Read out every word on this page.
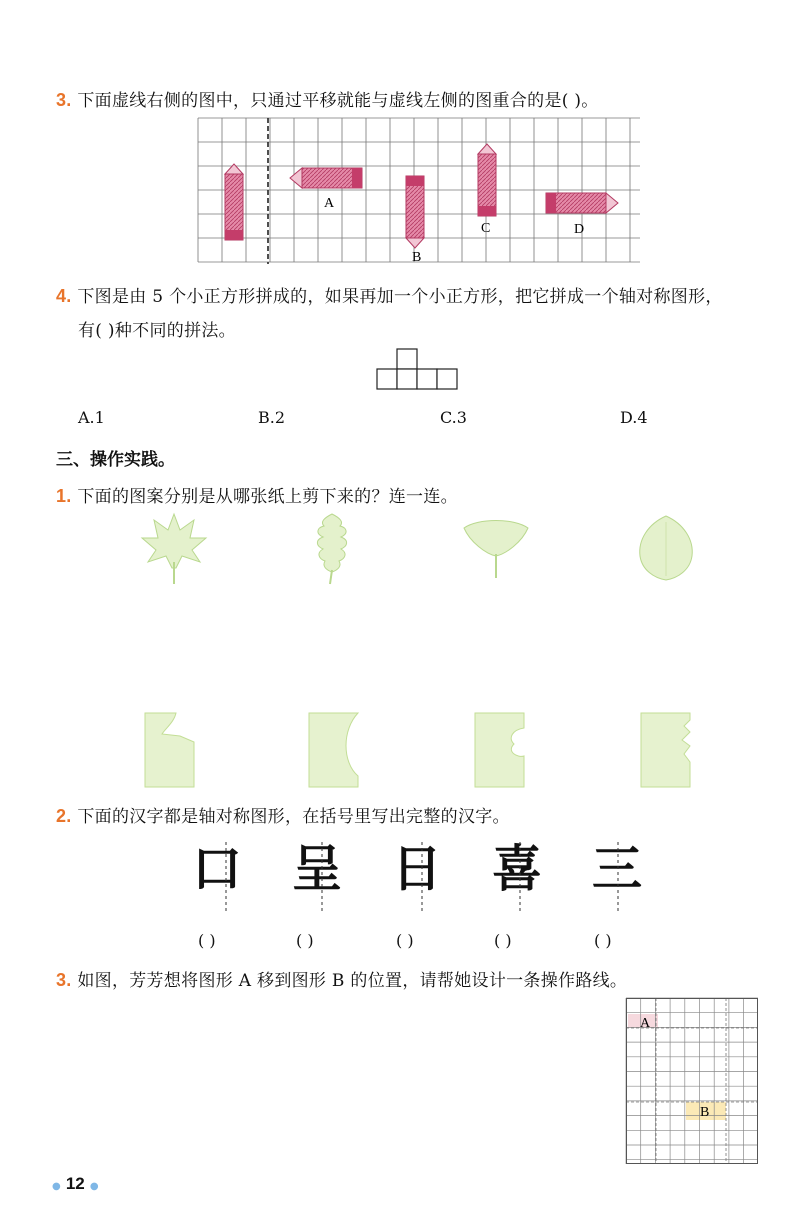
3. 下面虚线右侧的图中，只通过平移就能与虚线左侧的图重合的是( )。
A
B
C	D
4. 下图是由 5 个小正方形拼成的，如果再加一个小正方形，把它拼成一个轴对称图形，
有( )种不同的拼法。
A.1	B.2	C.3	D.4
三、操作实践。
1. 下面的图案分别是从哪张纸上剪下来的？连一连。
2. 下面的汉字都是轴对称图形，在括号里写出完整的汉字。
口 呈 日 喜 三
( )	( )	( )	( )	( )
3. 如图，芳芳想将图形 A 移到图形 B 的位置，请帮她设计一条操作路线。
A
B
● 12 ●
